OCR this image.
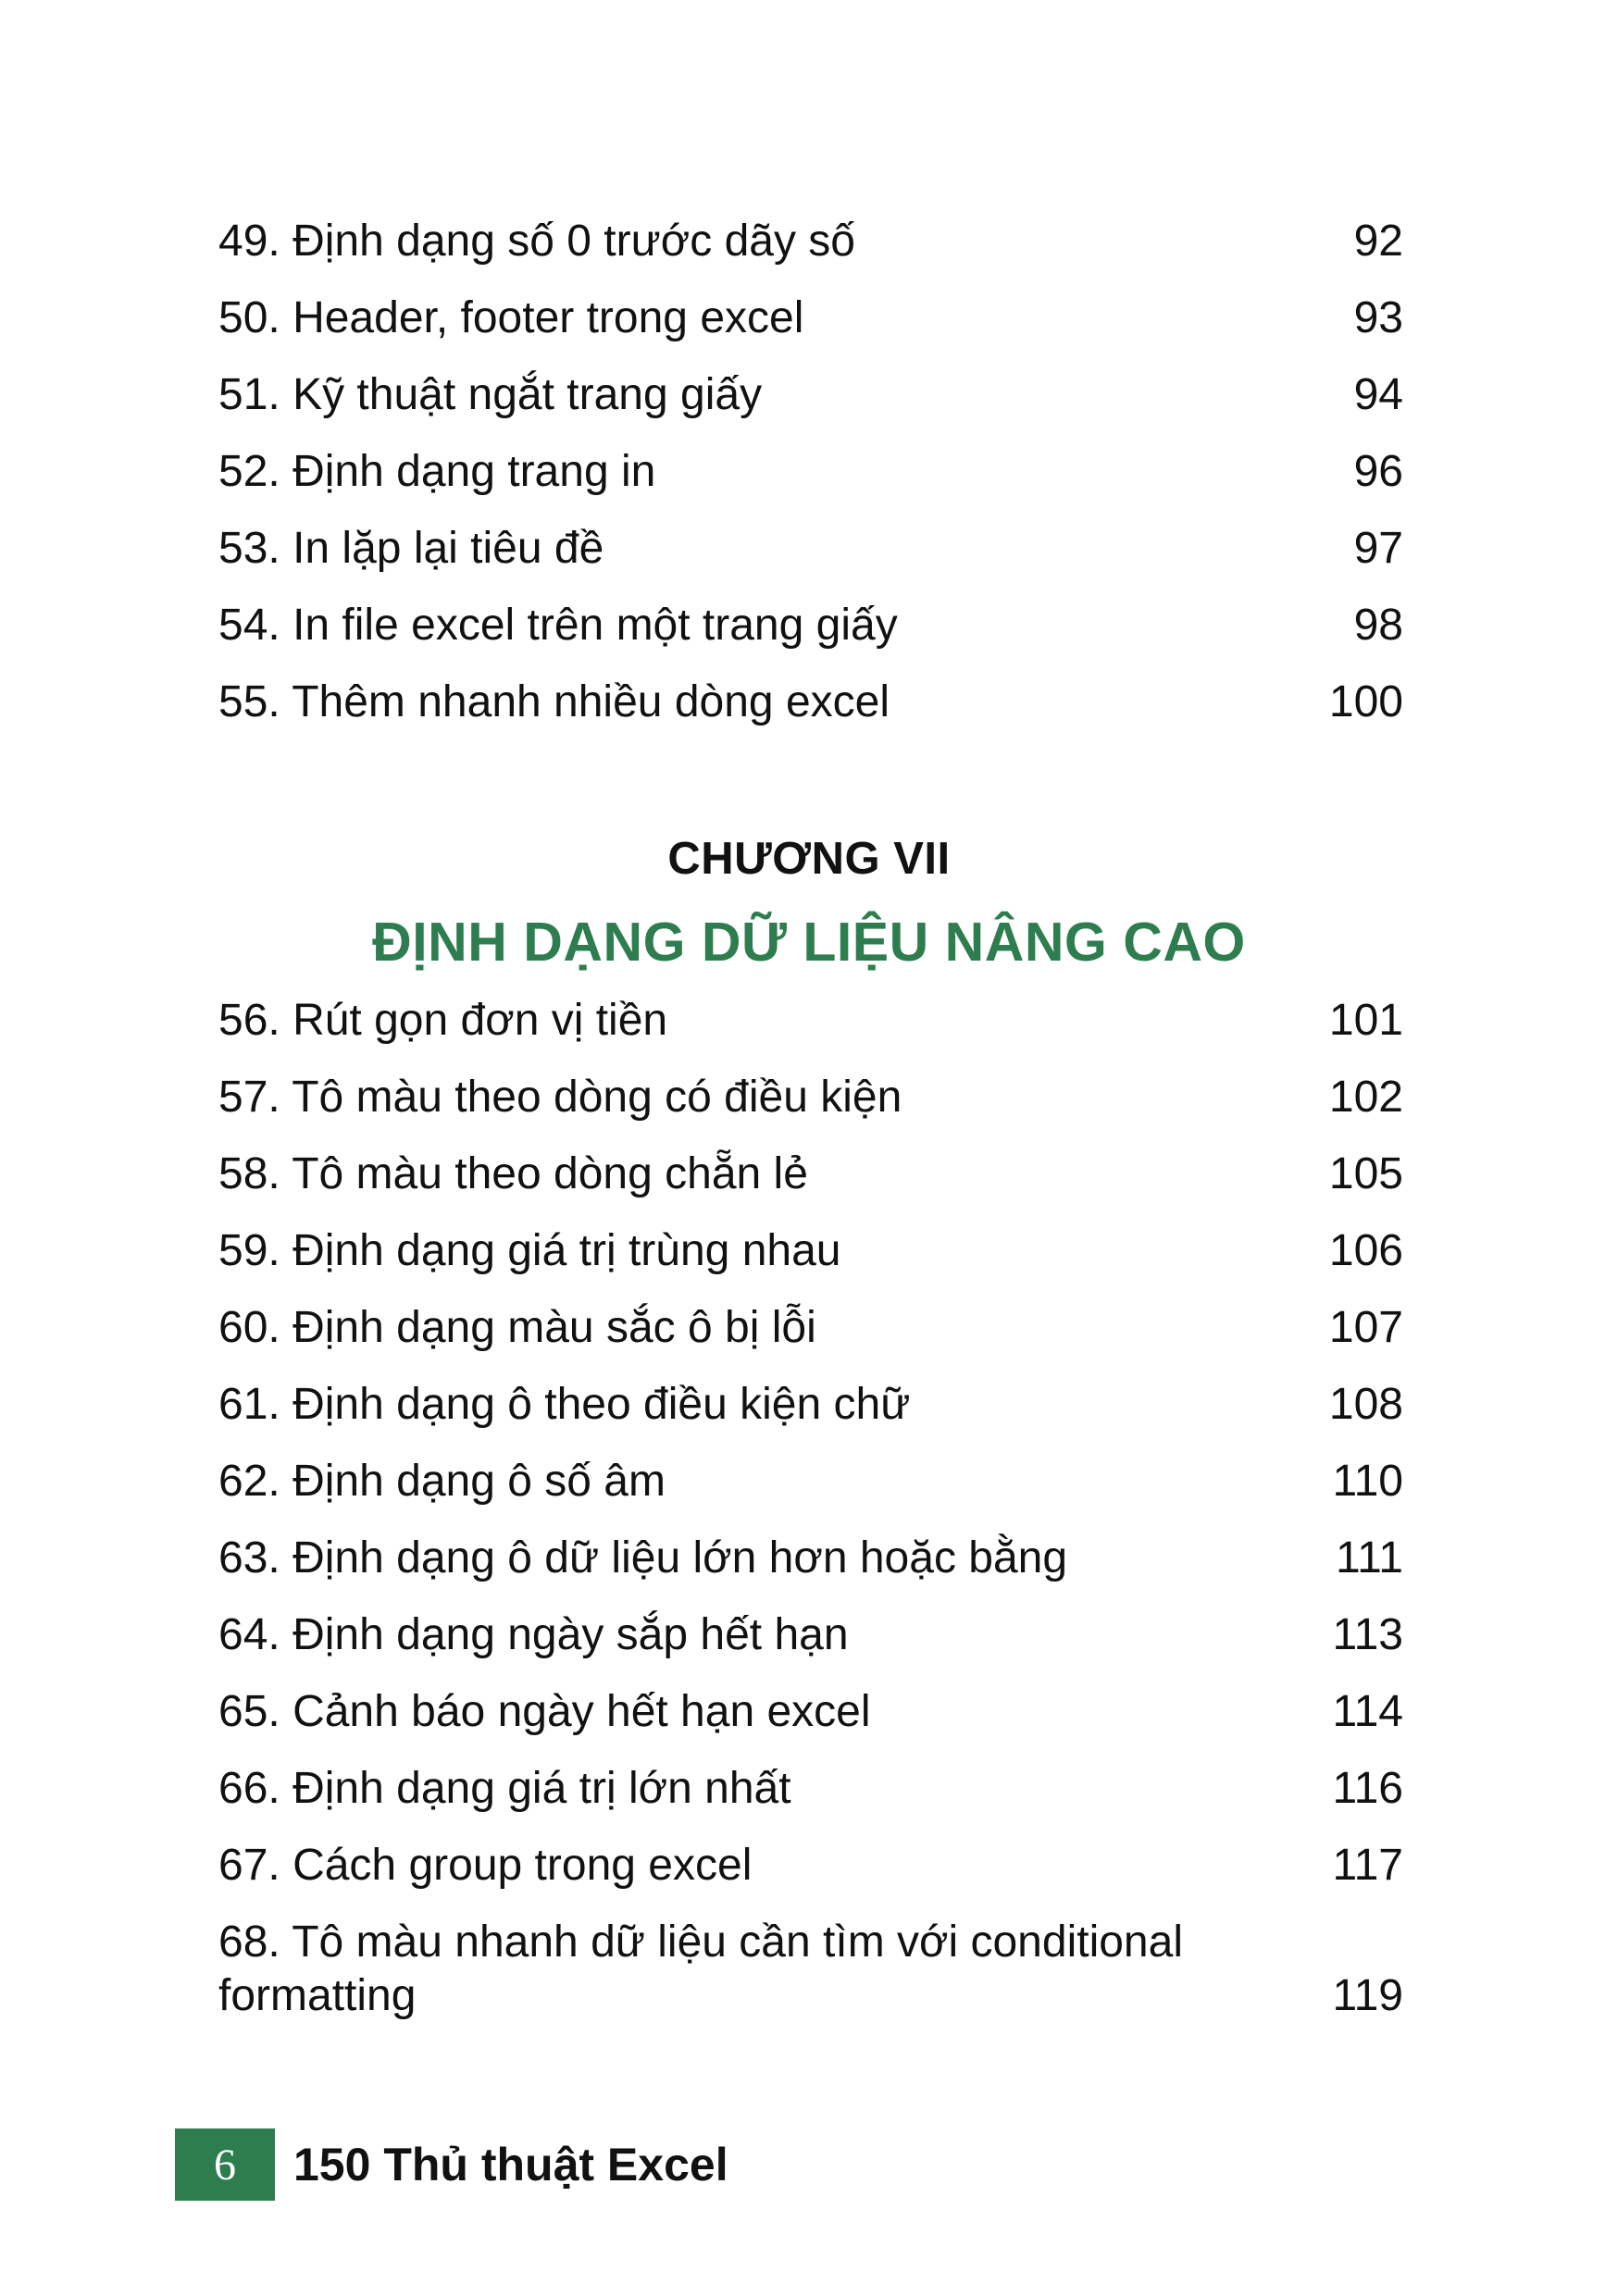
49. Định dạng số 0 trước dãy số	92
50. Header, footer trong excel	93
51. Kỹ thuật ngắt trang giấy	94
52. Định dạng trang in	96
53. In lặp lại tiêu đề	97
54. In file excel trên một trang giấy	98
55. Thêm nhanh nhiều dòng excel	100
CHƯƠNG VII
ĐỊNH DẠNG DỮ LIỆU NÂNG CAO
56. Rút gọn đơn vị tiền	101
57. Tô màu theo dòng có điều kiện	102
58. Tô màu theo dòng chẵn lẻ	105
59. Định dạng giá trị trùng nhau	106
60. Định dạng màu sắc ô bị lỗi	107
61. Định dạng ô theo điều kiện chữ	108
62. Định dạng ô số âm	110
63. Định dạng ô dữ liệu lớn hơn hoặc bằng	111
64. Định dạng ngày sắp hết hạn	113
65. Cảnh báo ngày hết hạn excel	114
66. Định dạng giá trị lớn nhất	116
67. Cách group trong excel	117
68. Tô màu nhanh dữ liệu cần tìm với conditional formatting	119
6	150 Thủ thuật Excel
